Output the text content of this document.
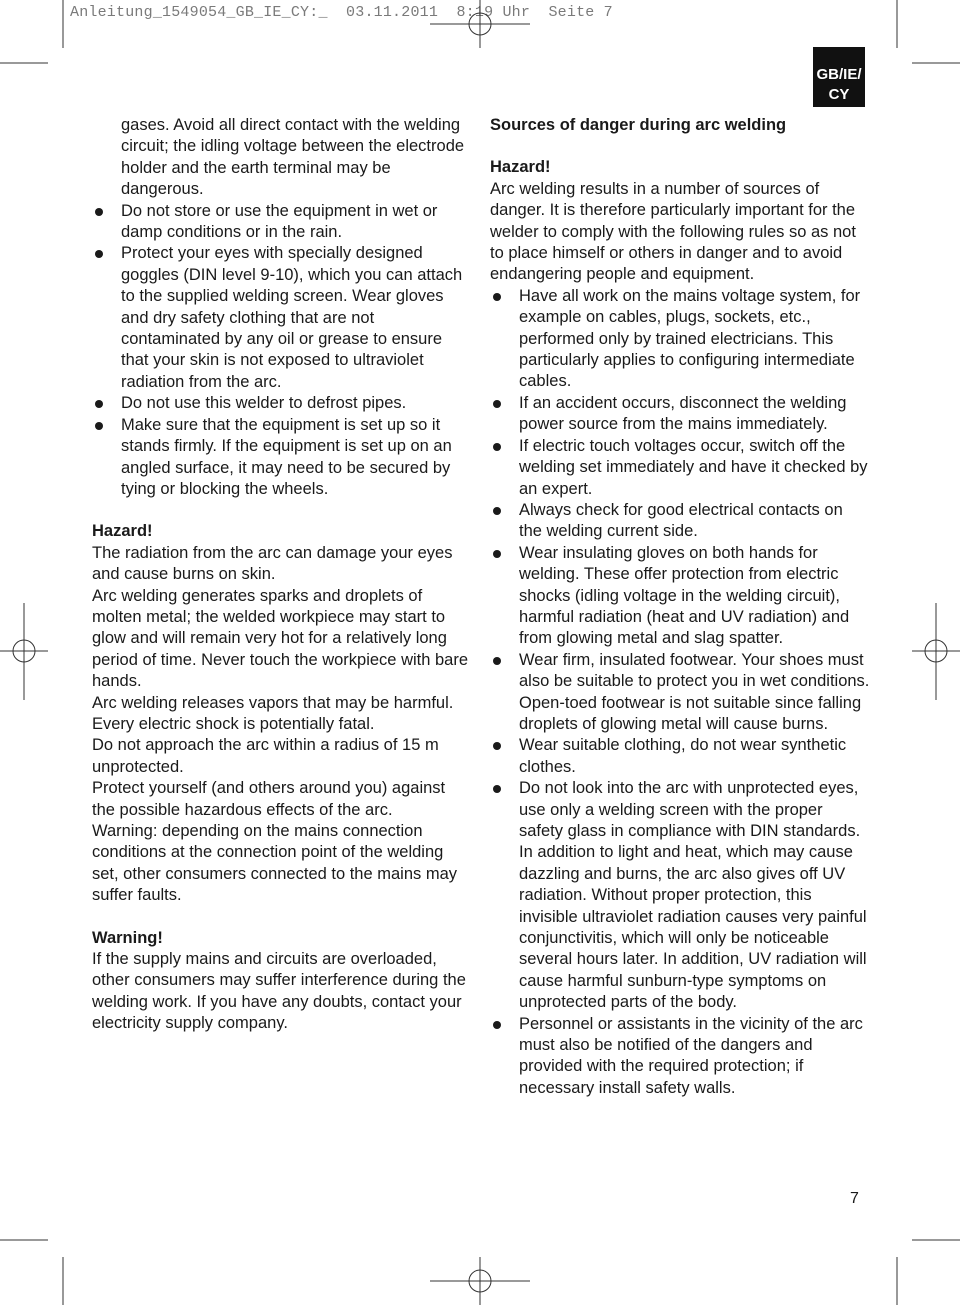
Anleitung_1549054_GB_IE_CY:_  03.11.2011  8:19 Uhr  Seite 7
GB/IE/
CY

gases. Avoid all direct contact with the welding circuit; the idling voltage between the electrode holder and the earth terminal may be dangerous.

Do not store or use the equipment in wet or damp conditions or in the rain.

Protect your eyes with specially designed goggles (DIN level 9-10), which you can attach to the supplied welding screen. Wear gloves and dry safety clothing that are not contaminated by any oil or grease to ensure that your skin is not exposed to ultraviolet radiation from the arc.

Do not use this welder to defrost pipes.

Make sure that the equipment is set up so it stands firmly. If the equipment is set up on an angled surface, it may need to be secured by tying or blocking the wheels.

Hazard!

The radiation from the arc can damage your eyes and cause burns on skin.

Arc welding generates sparks and droplets of molten metal; the welded workpiece may start to glow and will remain very hot for a relatively long period of time. Never touch the workpiece with bare hands.

Arc welding releases vapors that may be harmful. Every electric shock is potentially fatal.

Do not approach the arc within a radius of 15 m unprotected.

Protect yourself (and others around you) against the possible hazardous effects of the arc.

Warning: depending on the mains connection conditions at the connection point of the welding set, other consumers connected to the mains may suffer faults.

Warning!

If the supply mains and circuits are overloaded, other consumers may suffer interference during the welding work. If you have any doubts, contact your electricity supply company.

Sources of danger during arc welding

Hazard!

Arc welding results in a number of sources of danger. It is therefore particularly important for the welder to comply with the following rules so as not to place himself or others in danger and to avoid endangering people and equipment.

Have all work on the mains voltage system, for example on cables, plugs, sockets, etc., performed only by trained electricians. This particularly applies to configuring intermediate cables.

If an accident occurs, disconnect the welding power source from the mains immediately.

If electric touch voltages occur, switch off the welding set immediately and have it checked by an expert.

Always check for good electrical contacts on the welding current side.

Wear insulating gloves on both hands for welding. These offer protection from electric shocks (idling voltage in the welding circuit), harmful radiation (heat and UV radiation) and from glowing metal and slag spatter.

Wear firm, insulated footwear. Your shoes must also be suitable to protect you in wet conditions. Open-toed footwear is not suitable since falling droplets of glowing metal will cause burns.

Wear suitable clothing, do not wear synthetic clothes.

Do not look into the arc with unprotected eyes, use only a welding screen with the proper safety glass in compliance with DIN standards. In addition to light and heat, which may cause dazzling and burns, the arc also gives off UV radiation. Without proper protection, this invisible ultraviolet radiation causes very painful conjunctivitis, which will only be noticeable several hours later. In addition, UV radiation will cause harmful sunburn-type symptoms on unprotected parts of the body.

Personnel or assistants in the vicinity of the arc must also be notified of the dangers and provided with the required protection; if necessary install safety walls.

7
